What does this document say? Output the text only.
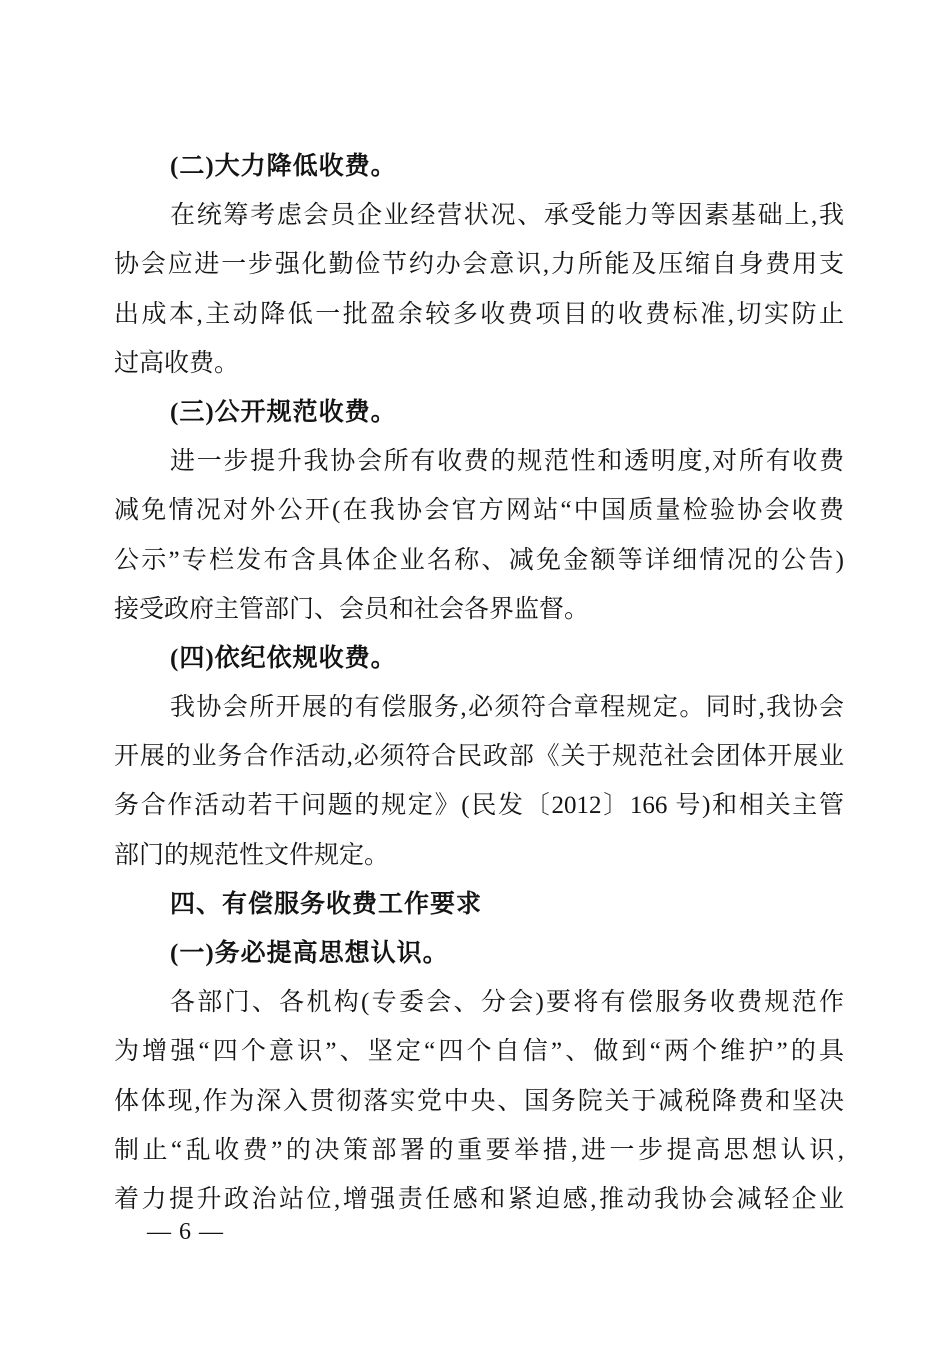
(二)大力降低收费。
在统筹考虑会员企业经营状况、承受能力等因素基础上,我
协会应进一步强化勤俭节约办会意识,力所能及压缩自身费用支
出成本,主动降低一批盈余较多收费项目的收费标准,切实防止
过高收费。
(三)公开规范收费。
进一步提升我协会所有收费的规范性和透明度,对所有收费
减免情况对外公开(在我协会官方网站“中国质量检验协会收费
公示”专栏发布含具体企业名称、减免金额等详细情况的公告)
接受政府主管部门、会员和社会各界监督。
(四)依纪依规收费。
我协会所开展的有偿服务,必须符合章程规定。同时,我协会
开展的业务合作活动,必须符合民政部《关于规范社会团体开展业
务合作活动若干问题的规定》(民发〔2012〕166 号)和相关主管
部门的规范性文件规定。
四、有偿服务收费工作要求
(一)务必提高思想认识。
各部门、各机构(专委会、分会)要将有偿服务收费规范作
为增强“四个意识”、坚定“四个自信”、做到“两个维护”的具
体体现,作为深入贯彻落实党中央、国务院关于减税降费和坚决
制止“乱收费”的决策部署的重要举措,进一步提高思想认识,
着力提升政治站位,增强责任感和紧迫感,推动我协会减轻企业
— 6 —
